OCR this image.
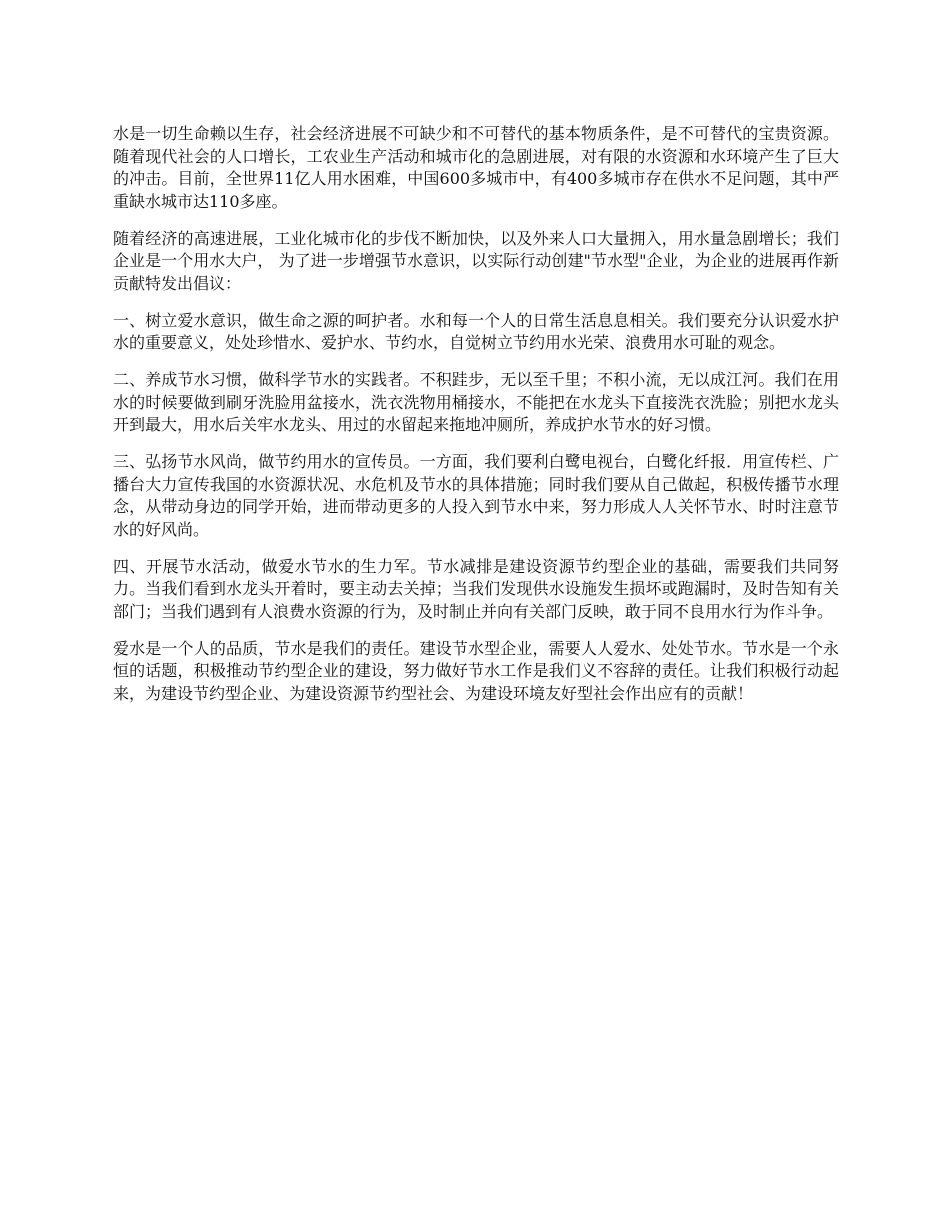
水是一切生命赖以生存，社会经济进展不可缺少和不可替代的基本物质条件，是不可替代的宝贵资源。随着现代社会的人口增长，工农业生产活动和城市化的急剧进展，对有限的水资源和水环境产生了巨大的冲击。目前，全世界11亿人用水困难，中国600多城市中，有400多城市存在供水不足问题，其中严重缺水城市达110多座。

随着经济的高速进展，工业化城市化的步伐不断加快，以及外来人口大量拥入，用水量急剧增长；我们企业是一个用水大户， 为了进一步增强节水意识，以实际行动创建"节水型"企业，为企业的进展再作新贡献特发出倡议：

一、树立爱水意识，做生命之源的呵护者。水和每一个人的日常生活息息相关。我们要充分认识爱水护水的重要意义，处处珍惜水、爱护水、节约水，自觉树立节约用水光荣、浪费用水可耻的观念。

二、养成节水习惯，做科学节水的实践者。不积跬步，无以至千里；不积小流，无以成江河。我们在用水的时候要做到刷牙洗脸用盆接水，洗衣洗物用桶接水，不能把在水龙头下直接洗衣洗脸；别把水龙头开到最大，用水后关牢水龙头、用过的水留起来拖地冲厕所，养成护水节水的好习惯。

三、弘扬节水风尚，做节约用水的宣传员。一方面，我们要利白鹭电视台，白鹭化纤报．用宣传栏、广播台大力宣传我国的水资源状况、水危机及节水的具体措施；同时我们要从自己做起，积极传播节水理念，从带动身边的同学开始，进而带动更多的人投入到节水中来，努力形成人人关怀节水、时时注意节水的好风尚。

四、开展节水活动，做爱水节水的生力军。节水减排是建设资源节约型企业的基础，需要我们共同努力。当我们看到水龙头开着时，要主动去关掉；当我们发现供水设施发生损坏或跑漏时，及时告知有关部门；当我们遇到有人浪费水资源的行为，及时制止并向有关部门反映，敢于同不良用水行为作斗争。

爱水是一个人的品质，节水是我们的责任。建设节水型企业，需要人人爱水、处处节水。节水是一个永恒的话题，积极推动节约型企业的建设，努力做好节水工作是我们义不容辞的责任。让我们积极行动起来，为建设节约型企业、为建设资源节约型社会、为建设环境友好型社会作出应有的贡献！
